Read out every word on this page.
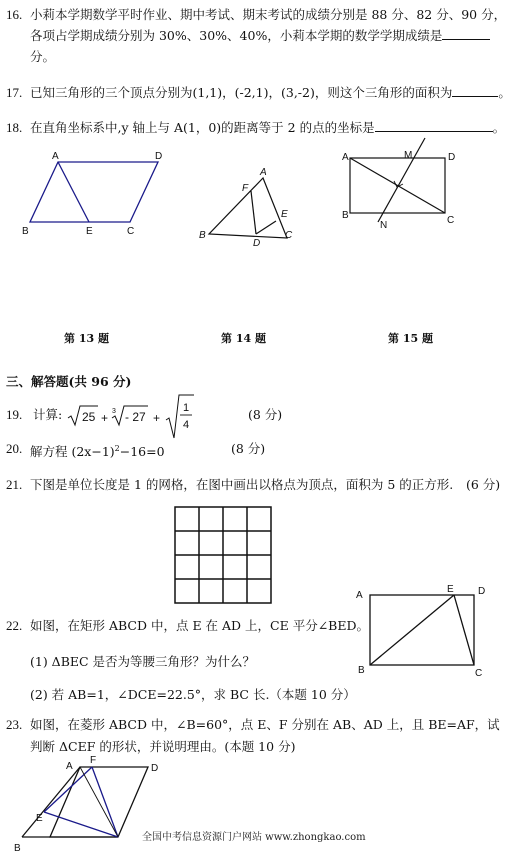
16. 小莉本学期数学平时作业、期中考试、期末考试的成绩分别是 88 分、82 分、90 分，
各项占学期成绩分别为 30%、30%、40%，小莉本学期的数学学期成绩是
分。
17. 已知三角形的三个顶点分别为(1,1)，(-2,1)，(3,-2)，则这个三角形的面积为	。
18. 在直角坐标系中,y 轴上与 A(1，0)的距离等于 2 的点的坐标是	。
A	D
B	E	C
A
F
E
B
D
C
A	M	D
B
N	C
第 13 题	第 14 题	第 15 题
三、解答题(共 96 分)
19. 计算: 25 + 3 - 27 +
1
4
(8 分)
20. 解方程 $(2x-1)^2-16=0$	(8 分)
21. 下图是单位长度是 1 的网格，在图中画出以格点为顶点，面积为 5 的正方形. (6 分)
A
E D
B	C
22. 如图，在矩形 ABCD 中，点 E 在 AD 上，CE 平分∠BED。
(1) ΔBEC 是否为等腰三角形？为什么？
(2) 若 AB=1，∠DCE=22.5°，求 BC 长.（本题 10 分）
23. 如图，在菱形 ABCD 中，∠B=60°，点 E、F 分别在 AB、AD 上，且 BE=AF，试
判断 ΔCEF 的形状，并说明理由。(本题 10 分)
A
F
D
E
B
全国中考信息资源门户网站 www.zhongkao.com
